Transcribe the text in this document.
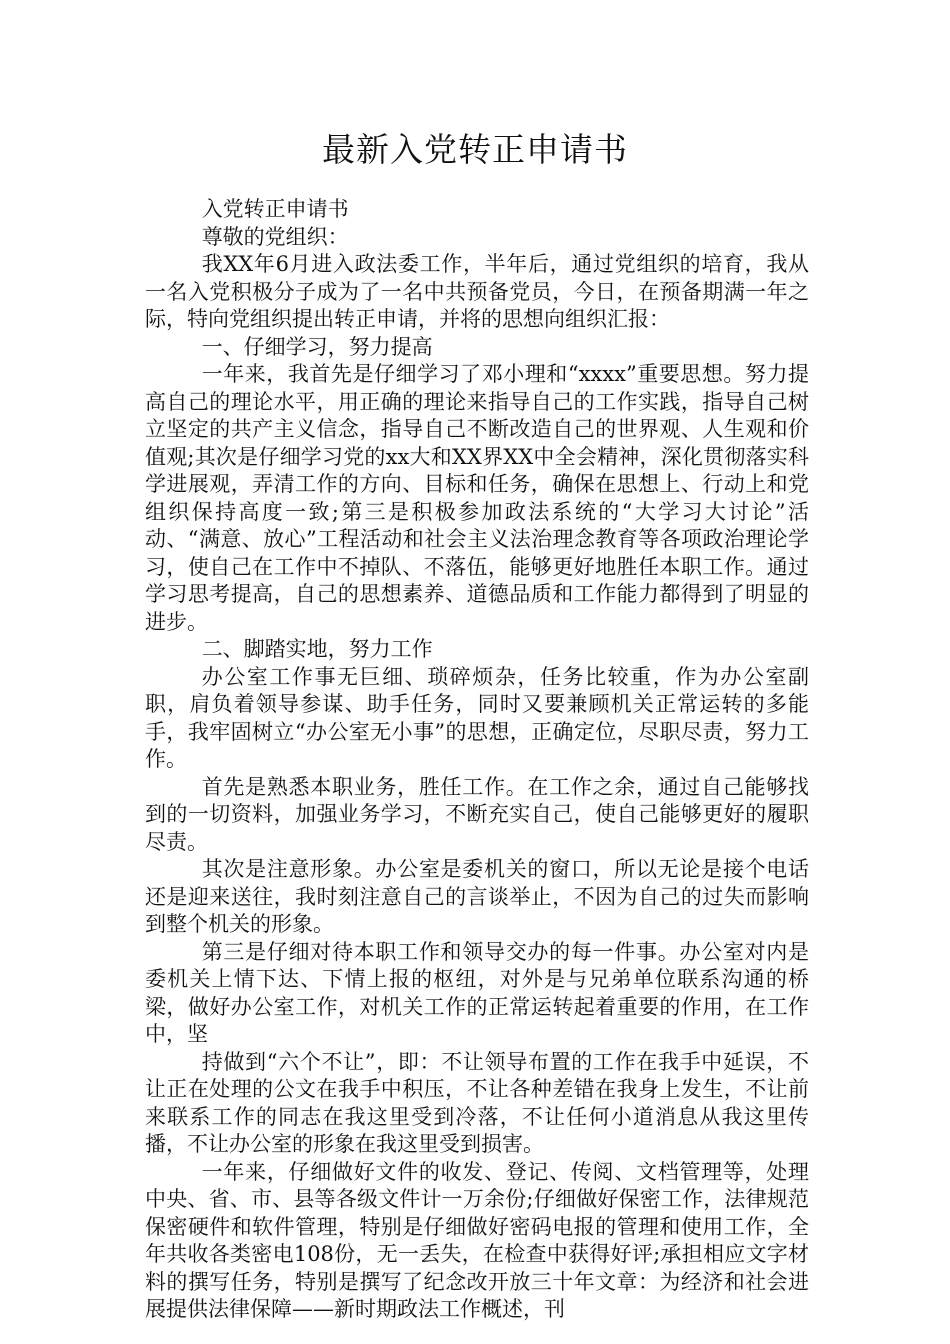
最新入党转正申请书

入党转正申请书

尊敬的党组织：

我XX年6月进入政法委工作，半年后，通过党组织的培育，我从一名入党积极分子成为了一名中共预备党员，今日，在预备期满一年之际，特向党组织提出转正申请，并将的思想向组织汇报：

一、仔细学习，努力提高

一年来，我首先是仔细学习了邓小理和“xxxx”重要思想。努力提高自己的理论水平，用正确的理论来指导自己的工作实践，指导自己树立坚定的共产主义信念，指导自己不断改造自己的世界观、人生观和价值观;其次是仔细学习党的xx大和XX界XX中全会精神，深化贯彻落实科学进展观，弄清工作的方向、目标和任务，确保在思想上、行动上和党组织保持高度一致;第三是积极参加政法系统的“大学习大讨论”活动、“满意、放心”工程活动和社会主义法治理念教育等各项政治理论学习，使自己在工作中不掉队、不落伍，能够更好地胜任本职工作。通过学习思考提高，自己的思想素养、道德品质和工作能力都得到了明显的进步。

二、脚踏实地，努力工作

办公室工作事无巨细、琐碎烦杂，任务比较重，作为办公室副职，肩负着领导参谋、助手任务，同时又要兼顾机关正常运转的多能手，我牢固树立“办公室无小事”的思想，正确定位，尽职尽责，努力工作。

首先是熟悉本职业务，胜任工作。在工作之余，通过自己能够找到的一切资料，加强业务学习，不断充实自己，使自己能够更好的履职尽责。

其次是注意形象。办公室是委机关的窗口，所以无论是接个电话还是迎来送往，我时刻注意自己的言谈举止，不因为自己的过失而影响到整个机关的形象。

第三是仔细对待本职工作和领导交办的每一件事。办公室对内是委机关上情下达、下情上报的枢纽，对外是与兄弟单位联系沟通的桥梁，做好办公室工作，对机关工作的正常运转起着重要的作用，在工作中，坚

持做到“六个不让”，即：不让领导布置的工作在我手中延误，不让正在处理的公文在我手中积压，不让各种差错在我身上发生，不让前来联系工作的同志在我这里受到冷落，不让任何小道消息从我这里传播，不让办公室的形象在我这里受到损害。

一年来，仔细做好文件的收发、登记、传阅、文档管理等，处理中央、省、市、县等各级文件计一万余份;仔细做好保密工作，法律规范保密硬件和软件管理，特别是仔细做好密码电报的管理和使用工作，全年共收各类密电108份，无一丢失，在检查中获得好评;承担相应文字材料的撰写任务，特别是撰写了纪念改开放三十年文章：为经济和社会进展提供法律保障——新时期政法工作概述，刊
